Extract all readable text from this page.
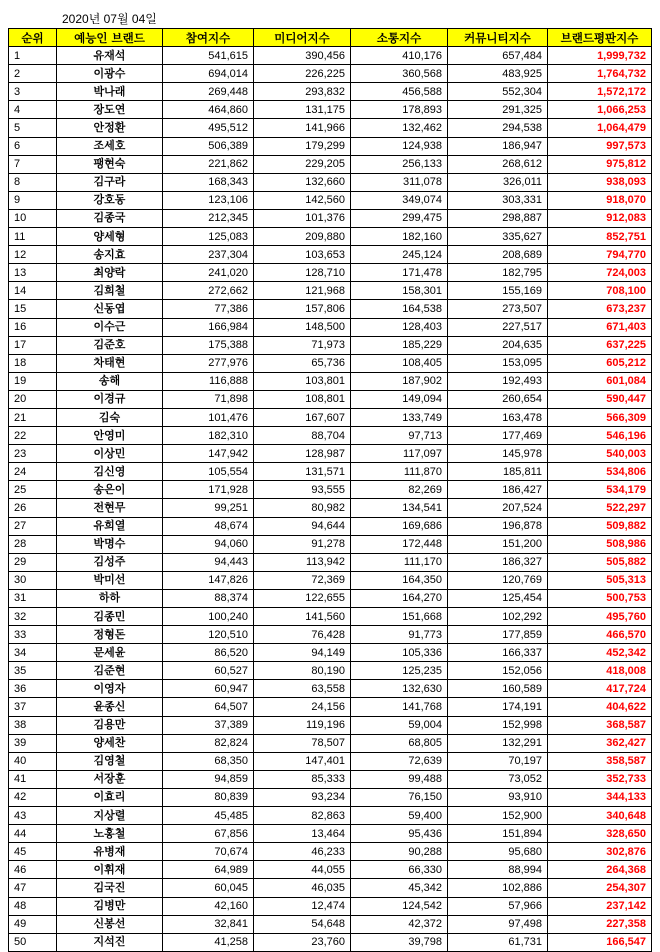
2020년 07월 04일
순위	예능인 브랜드	참여지수	미디어지수	소통지수	커뮤니티지수	브랜드평판지수
1	유재석	541,615	390,456	410,176	657,484	1,999,732
2	이광수	694,014	226,225	360,568	483,925	1,764,732
3	박나래	269,448	293,832	456,588	552,304	1,572,172
4	장도연	464,860	131,175	178,893	291,325	1,066,253
5	안정환	495,512	141,966	132,462	294,538	1,064,479
6	조세호	506,389	179,299	124,938	186,947	997,573
7	팽현숙	221,862	229,205	256,133	268,612	975,812
8	김구라	168,343	132,660	311,078	326,011	938,093
9	강호동	123,106	142,560	349,074	303,331	918,070
10	김종국	212,345	101,376	299,475	298,887	912,083
11	양세형	125,083	209,880	182,160	335,627	852,751
12	송지효	237,304	103,653	245,124	208,689	794,770
13	최양락	241,020	128,710	171,478	182,795	724,003
14	김희철	272,662	121,968	158,301	155,169	708,100
15	신동엽	77,386	157,806	164,538	273,507	673,237
16	이수근	166,984	148,500	128,403	227,517	671,403
17	김준호	175,388	71,973	185,229	204,635	637,225
18	차태현	277,976	65,736	108,405	153,095	605,212
19	송해	116,888	103,801	187,902	192,493	601,084
20	이경규	71,898	108,801	149,094	260,654	590,447
21	김숙	101,476	167,607	133,749	163,478	566,309
22	안영미	182,310	88,704	97,713	177,469	546,196
23	이상민	147,942	128,987	117,097	145,978	540,003
24	김신영	105,554	131,571	111,870	185,811	534,806
25	송은이	171,928	93,555	82,269	186,427	534,179
26	전현무	99,251	80,982	134,541	207,524	522,297
27	유희열	48,674	94,644	169,686	196,878	509,882
28	박명수	94,060	91,278	172,448	151,200	508,986
29	김성주	94,443	113,942	111,170	186,327	505,882
30	박미선	147,826	72,369	164,350	120,769	505,313
31	하하	88,374	122,655	164,270	125,454	500,753
32	김종민	100,240	141,560	151,668	102,292	495,760
33	정형돈	120,510	76,428	91,773	177,859	466,570
34	문세윤	86,520	94,149	105,336	166,337	452,342
35	김준현	60,527	80,190	125,235	152,056	418,008
36	이영자	60,947	63,558	132,630	160,589	417,724
37	윤종신	64,507	24,156	141,768	174,191	404,622
38	김용만	37,389	119,196	59,004	152,998	368,587
39	양세찬	82,824	78,507	68,805	132,291	362,427
40	김영철	68,350	147,401	72,639	70,197	358,587
41	서장훈	94,859	85,333	99,488	73,052	352,733
42	이효리	80,839	93,234	76,150	93,910	344,133
43	지상렬	45,485	82,863	59,400	152,900	340,648
44	노홍철	67,856	13,464	95,436	151,894	328,650
45	유병재	70,674	46,233	90,288	95,680	302,876
46	이휘재	64,989	44,055	66,330	88,994	264,368
47	김국진	60,045	46,035	45,342	102,886	254,307
48	김병만	42,160	12,474	124,542	57,966	237,142
49	신봉선	32,841	54,648	42,372	97,498	227,358
50	지석진	41,258	23,760	39,798	61,731	166,547
